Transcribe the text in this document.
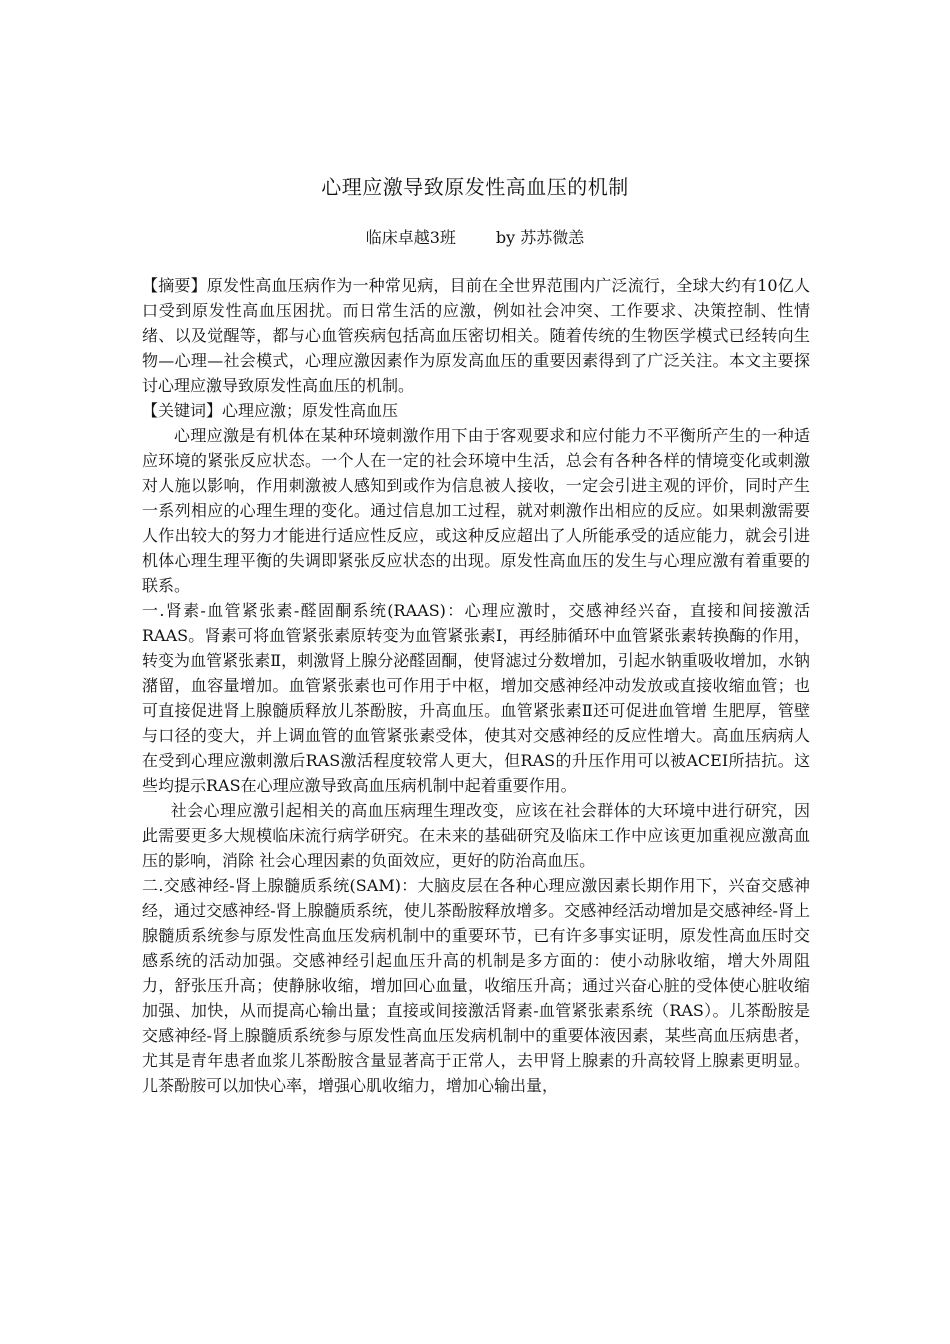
心理应激导致原发性高血压的机制
临床卓越3班	by 苏苏微恙

【摘要】原发性高血压病作为一种常见病，目前在全世界范围内广泛流行，全球大约有10亿人口受到原发性高血压困扰。而日常生活的应激，例如社会冲突、工作要求、决策控制、性情绪、以及觉醒等，都与心血管疾病包括高血压密切相关。随着传统的生物医学模式已经转向生物—心理—社会模式，心理应激因素作为原发高血压的重要因素得到了广泛关注。本文主要探讨心理应激导致原发性高血压的机制。

【关键词】心理应激；原发性高血压

心理应激是有机体在某种环境刺激作用下由于客观要求和应付能力不平衡所产生的一种适应环境的紧张反应状态。一个人在一定的社会环境中生活，总会有各种各样的情境变化或刺激对人施以影响，作用刺激被人感知到或作为信息被人接收，一定会引进主观的评价，同时产生一系列相应的心理生理的变化。通过信息加工过程，就对刺激作出相应的反应。如果刺激需要人作出较大的努力才能进行适应性反应，或这种反应超出了人所能承受的适应能力，就会引进机体心理生理平衡的失调即紧张反应状态的出现。原发性高血压的发生与心理应激有着重要的联系。

一.肾素-血管紧张素-醛固酮系统(RAAS)：心理应激时，交感神经兴奋，直接和间接激活 RAAS。肾素可将血管紧张素原转变为血管紧张素Ⅰ，再经肺循环中血管紧张素转换酶的作用，转变为血管紧张素Ⅱ，刺激肾上腺分泌醛固酮，使肾滤过分数增加，引起水钠重吸收增加，水钠潴留，血容量增加。血管紧张素也可作用于中枢，增加交感神经冲动发放或直接收缩血管；也可直接促进肾上腺髓质释放儿茶酚胺，升高血压。血管紧张素Ⅱ还可促进血管增 生肥厚，管壁与口径的变大，并上调血管的血管紧张素受体，使其对交感神经的反应性增大。高血压病病人在受到心理应激刺激后RAS激活程度较常人更大，但RAS的升压作用可以被ACEI所拮抗。这些均提示RAS在心理应激导致高血压病机制中起着重要作用。

社会心理应激引起相关的高血压病理生理改变，应该在社会群体的大环境中进行研究，因此需要更多大规模临床流行病学研究。在未来的基础研究及临床工作中应该更加重视应激高血压的影响，消除 社会心理因素的负面效应，更好的防治高血压。

二.交感神经-肾上腺髓质系统(SAM)：大脑皮层在各种心理应激因素长期作用下，兴奋交感神经，通过交感神经-肾上腺髓质系统，使儿茶酚胺释放增多。交感神经活动增加是交感神经-肾上腺髓质系统参与原发性高血压发病机制中的重要环节，已有许多事实证明，原发性高血压时交感系统的活动加强。交感神经引起血压升高的机制是多方面的：使小动脉收缩，增大外周阻力，舒张压升高；使静脉收缩，增加回心血量，收缩压升高；通过兴奋心脏的受体使心脏收缩加强、加快，从而提高心输出量；直接或间接激活肾素-血管紧张素系统（RAS）。儿茶酚胺是交感神经-肾上腺髓质系统参与原发性高血压发病机制中的重要体液因素，某些高血压病患者，尤其是青年患者血浆儿茶酚胺含量显著高于正常人，去甲肾上腺素的升高较肾上腺素更明显。儿茶酚胺可以加快心率，增强心肌收缩力，增加心输出量，
